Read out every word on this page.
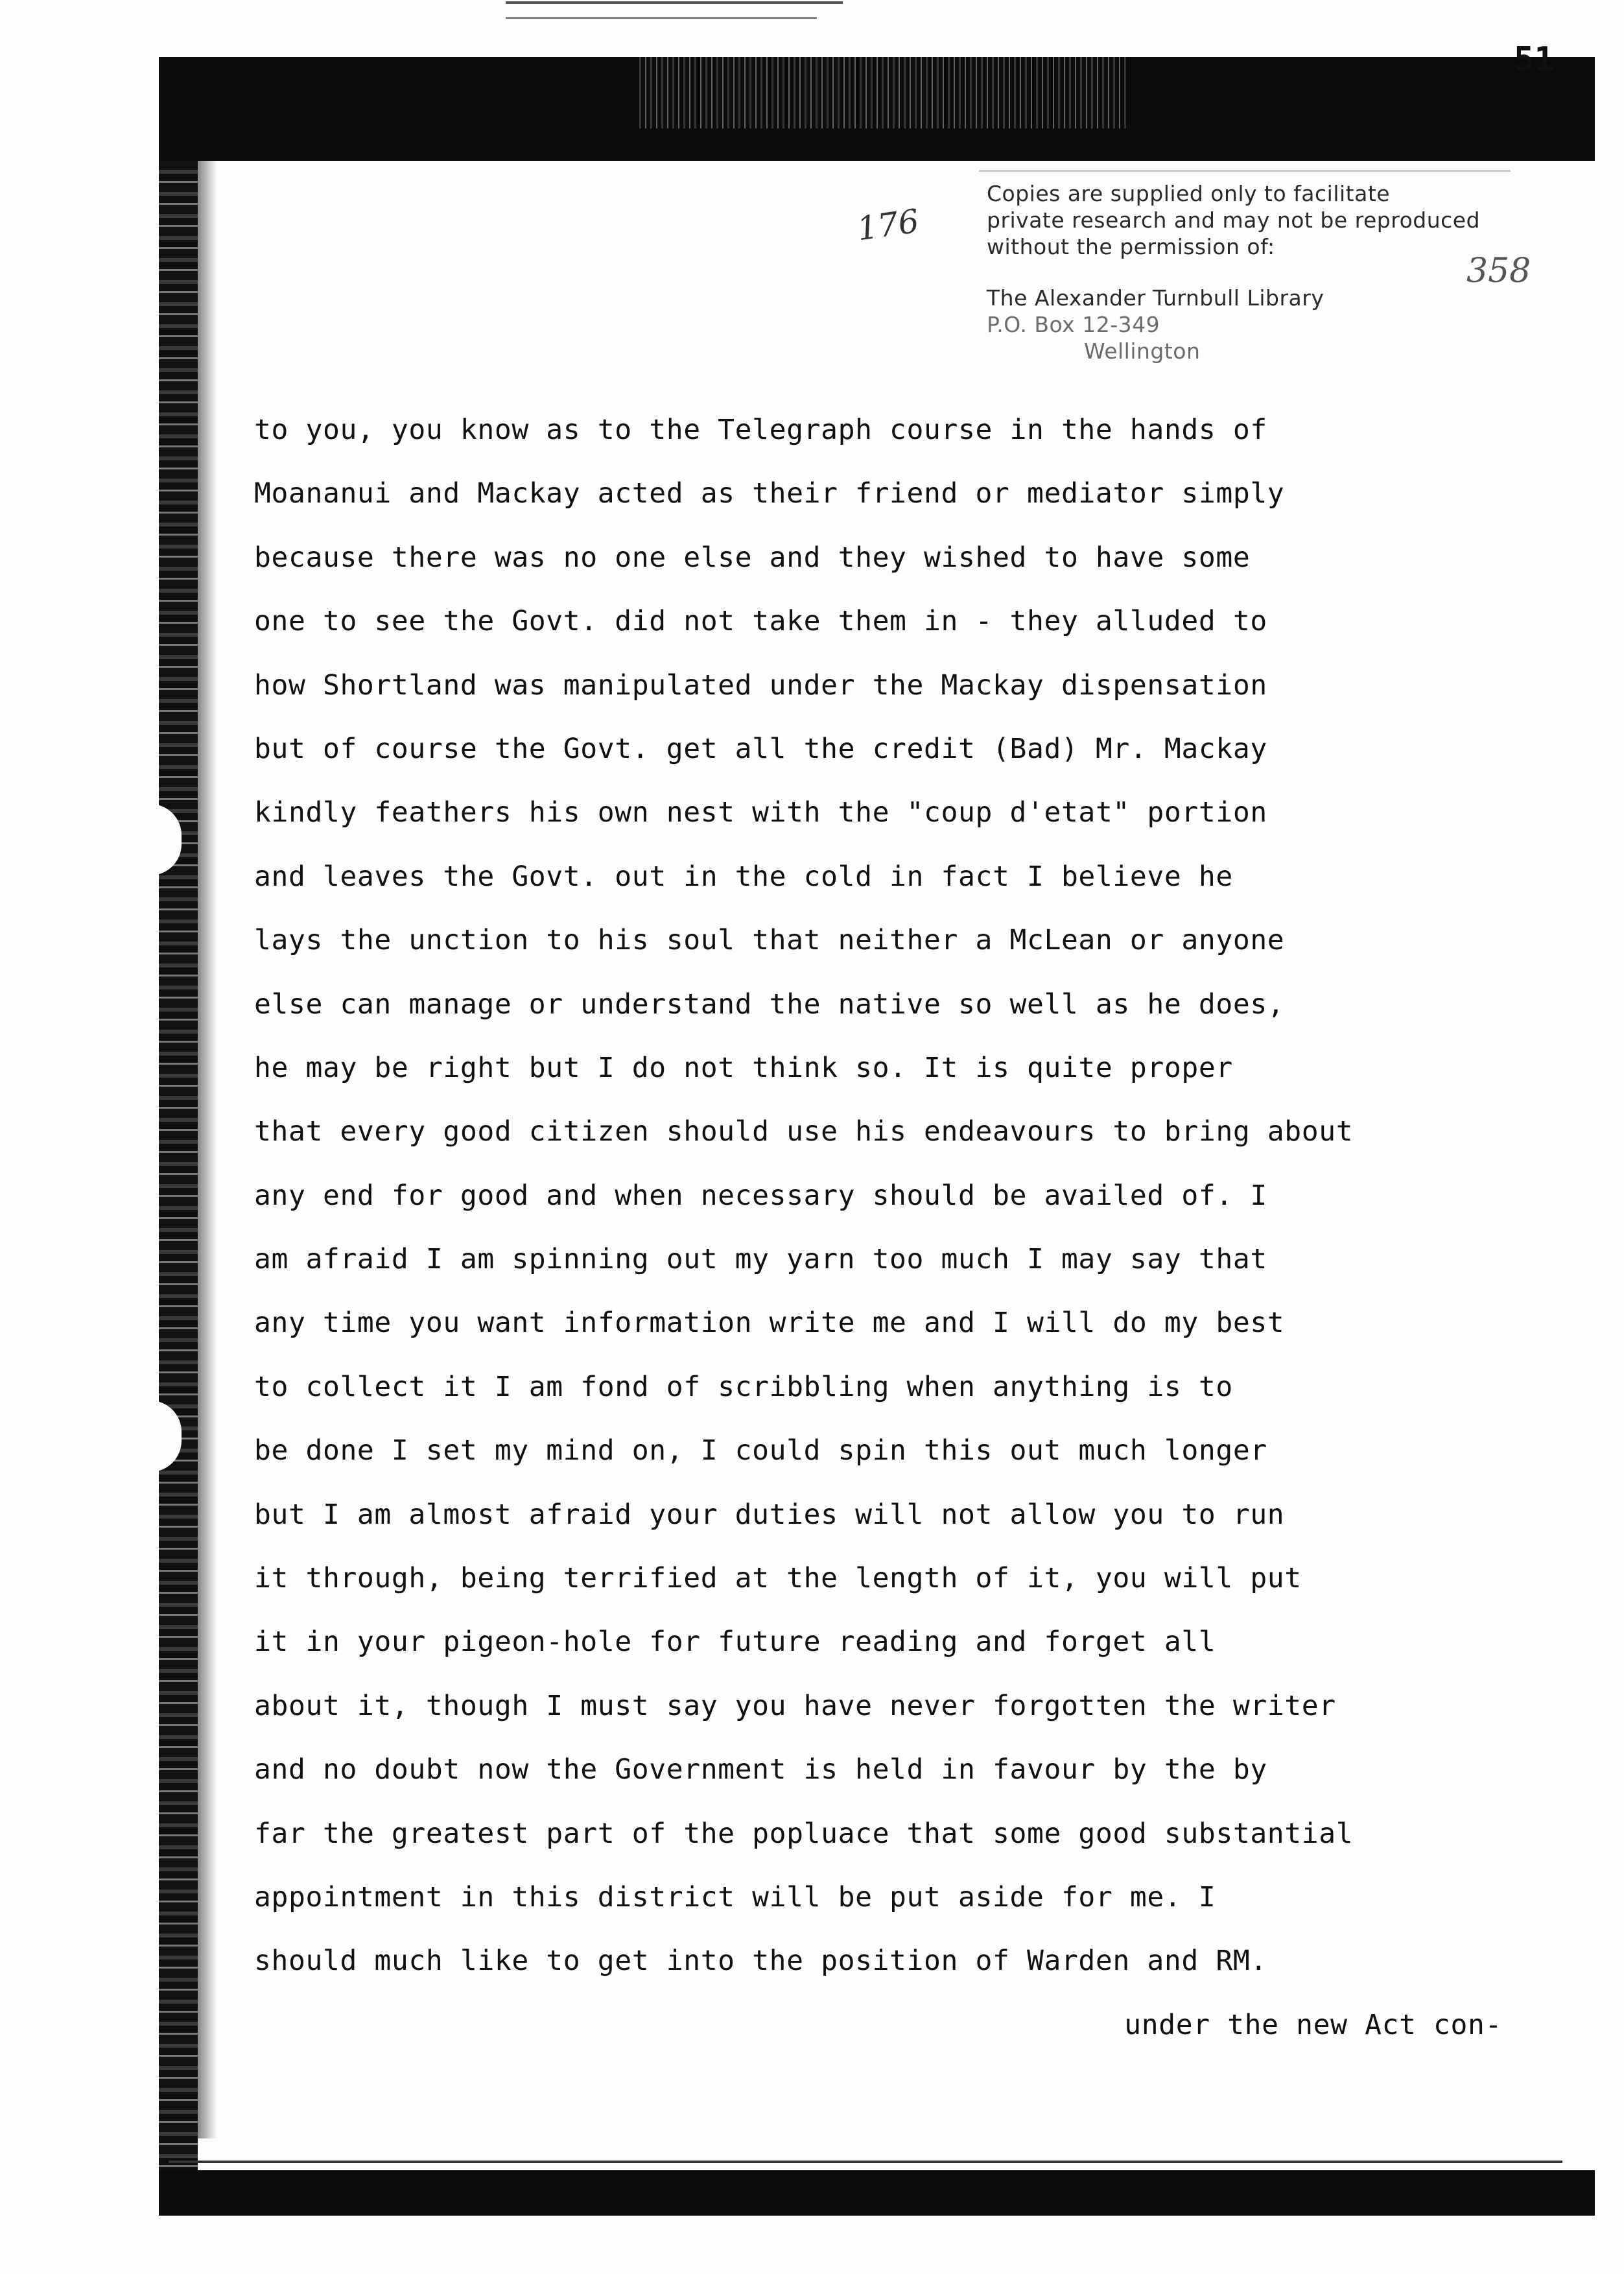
51
176
358
Copies are supplied only to facilitate
private research and may not be reproduced
without the permission of:
The Alexander Turnbull Library
P.O. Box 12-349
Wellington
to you, you know as to the Telegraph course in the hands of
Moananui and Mackay acted as their friend or mediator simply
because there was no one else and they wished to have some
one to see the Govt. did not take them in - they alluded to
how Shortland was manipulated under the Mackay dispensation
but of course the Govt. get all the credit (Bad) Mr. Mackay
kindly feathers his own nest with the "coup d'etat" portion
and leaves the Govt. out in the cold in fact I believe he
lays the unction to his soul that neither a McLean or anyone
else can manage or understand the native so well as he does,
he may be right but I do not think so. It is quite proper
that every good citizen should use his endeavours to bring about
any end for good and when necessary should be availed of. I
am afraid I am spinning out my yarn too much I may say that
any time you want information write me and I will do my best
to collect it I am fond of scribbling when anything is to
be done I set my mind on, I could spin this out much longer
but I am almost afraid your duties will not allow you to run
it through, being terrified at the length of it, you will put
it in your pigeon-hole for future reading and forget all
about it, though I must say you have never forgotten the writer
and no doubt now the Government is held in favour by the by
far the greatest part of the popluace that some good substantial
appointment in this district will be put aside for me. I
should much like to get into the position of Warden and RM.
under the new Act con-
